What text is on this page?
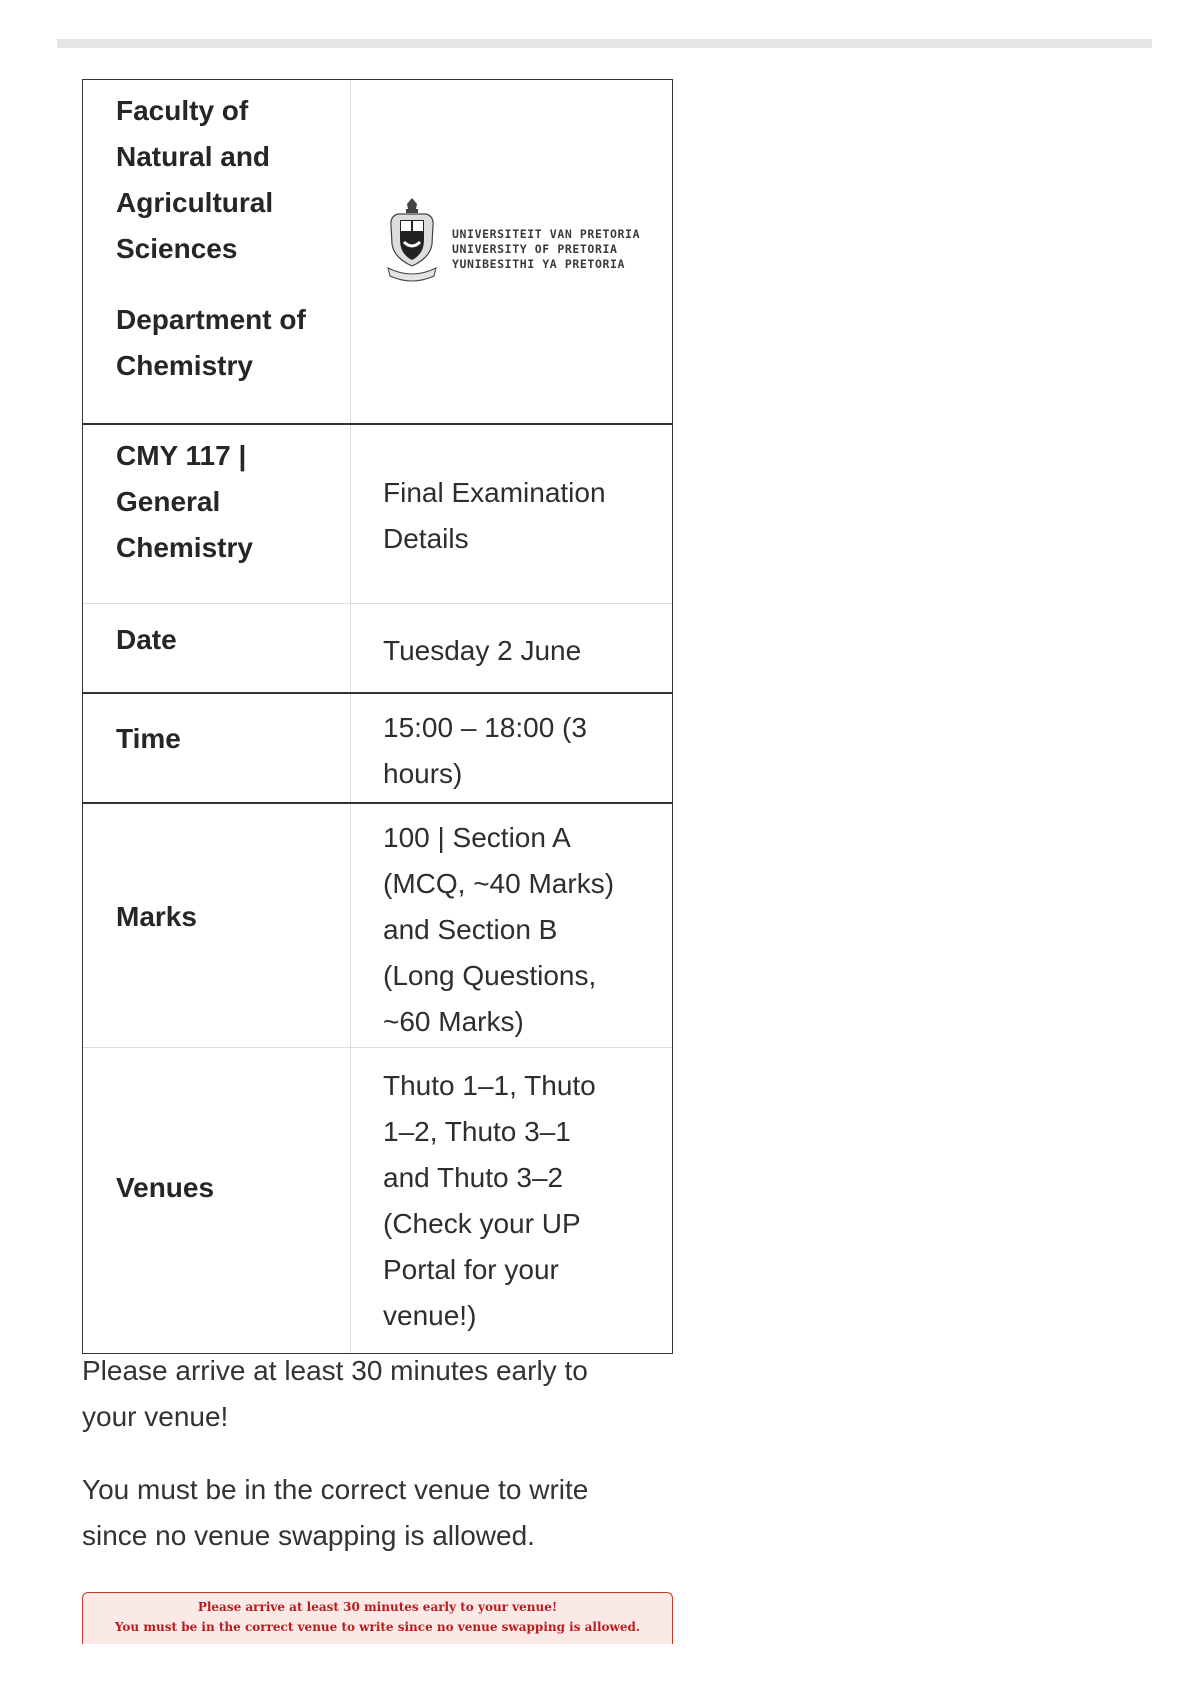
Faculty of
Natural and
Agricultural
Sciences
Department of
Chemistry
UNIVERSITEIT VAN PRETORIA
UNIVERSITY OF PRETORIA
YUNIBESITHI YA PRETORIA
CMY 117 |
General
Chemistry
Final Examination
Details
Date	Tuesday 2 June
Time	15:00 – 18:00 (3
hours)
Marks
100 | Section A
(MCQ, ~40 Marks)
and Section B
(Long Questions,
~60 Marks)
Venues
Thuto 1–1, Thuto
1–2, Thuto 3–1
and Thuto 3–2
(Check your UP
Portal for your
venue!)
Please arrive at least 30 minutes early to
your venue!
You must be in the correct venue to write
since no venue swapping is allowed.
Please arrive at least 30 minutes early to your venue!
You must be in the correct venue to write since no venue swapping is allowed.
